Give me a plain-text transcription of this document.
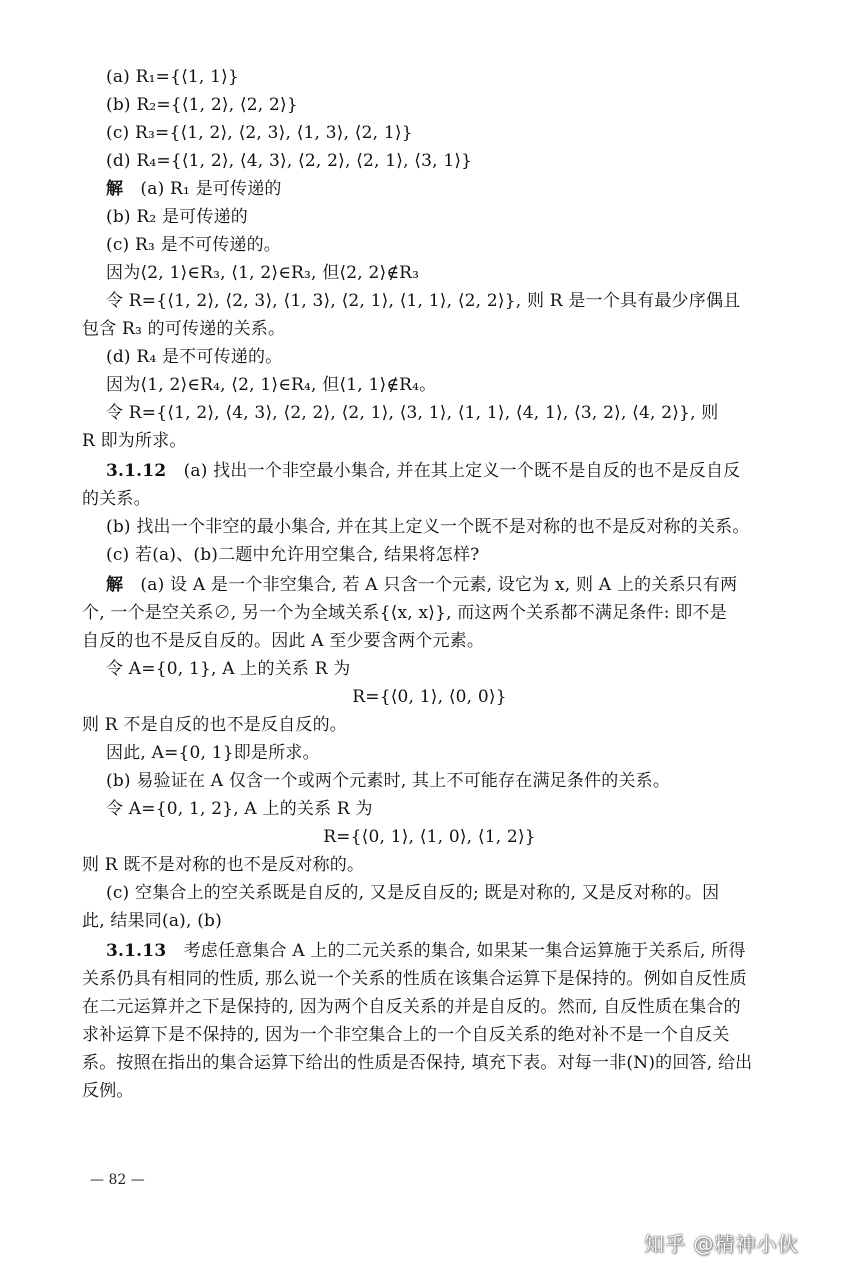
(a) R₁={⟨1, 1⟩}
(b) R₂={⟨1, 2⟩, ⟨2, 2⟩}
(c) R₃={⟨1, 2⟩, ⟨2, 3⟩, ⟨1, 3⟩, ⟨2, 1⟩}
(d) R₄={⟨1, 2⟩, ⟨4, 3⟩, ⟨2, 2⟩, ⟨2, 1⟩, ⟨3, 1⟩}
解  (a) R₁ 是可传递的
(b) R₂ 是可传递的
(c) R₃ 是不可传递的。
因为⟨2, 1⟩∈R₃, ⟨1, 2⟩∈R₃, 但⟨2, 2⟩∉R₃
令 R={⟨1, 2⟩, ⟨2, 3⟩, ⟨1, 3⟩, ⟨2, 1⟩, ⟨1, 1⟩, ⟨2, 2⟩}, 则 R 是一个具有最少序偶且
包含 R₃ 的可传递的关系。
(d) R₄ 是不可传递的。
因为⟨1, 2⟩∈R₄, ⟨2, 1⟩∈R₄, 但⟨1, 1⟩∉R₄。
令 R={⟨1, 2⟩, ⟨4, 3⟩, ⟨2, 2⟩, ⟨2, 1⟩, ⟨3, 1⟩, ⟨1, 1⟩, ⟨4, 1⟩, ⟨3, 2⟩, ⟨4, 2⟩}, 则
R 即为所求。
3.1.12  (a) 找出一个非空最小集合, 并在其上定义一个既不是自反的也不是反自反
的关系。
(b) 找出一个非空的最小集合, 并在其上定义一个既不是对称的也不是反对称的关系。
(c) 若(a)、(b)二题中允许用空集合, 结果将怎样?
解  (a) 设 A 是一个非空集合, 若 A 只含一个元素, 设它为 x, 则 A 上的关系只有两
个, 一个是空关系∅, 另一个为全域关系{⟨x, x⟩}, 而这两个关系都不满足条件: 即不是
自反的也不是反自反的。因此 A 至少要含两个元素。
令 A={0, 1}, A 上的关系 R 为
R={⟨0, 1⟩, ⟨0, 0⟩}
则 R 不是自反的也不是反自反的。
因此, A={0, 1}即是所求。
(b) 易验证在 A 仅含一个或两个元素时, 其上不可能存在满足条件的关系。
令 A={0, 1, 2}, A 上的关系 R 为
R={⟨0, 1⟩, ⟨1, 0⟩, ⟨1, 2⟩}
则 R 既不是对称的也不是反对称的。
(c) 空集合上的空关系既是自反的, 又是反自反的; 既是对称的, 又是反对称的。因
此, 结果同(a), (b)
3.1.13  考虑任意集合 A 上的二元关系的集合, 如果某一集合运算施于关系后, 所得
关系仍具有相同的性质, 那么说一个关系的性质在该集合运算下是保持的。例如自反性质
在二元运算并之下是保持的, 因为两个自反关系的并是自反的。然而, 自反性质在集合的
求补运算下是不保持的, 因为一个非空集合上的一个自反关系的绝对补不是一个自反关
系。按照在指出的集合运算下给出的性质是否保持, 填充下表。对每一非(N)的回答, 给出
反例。
— 82 —
知乎 @精神小伙
